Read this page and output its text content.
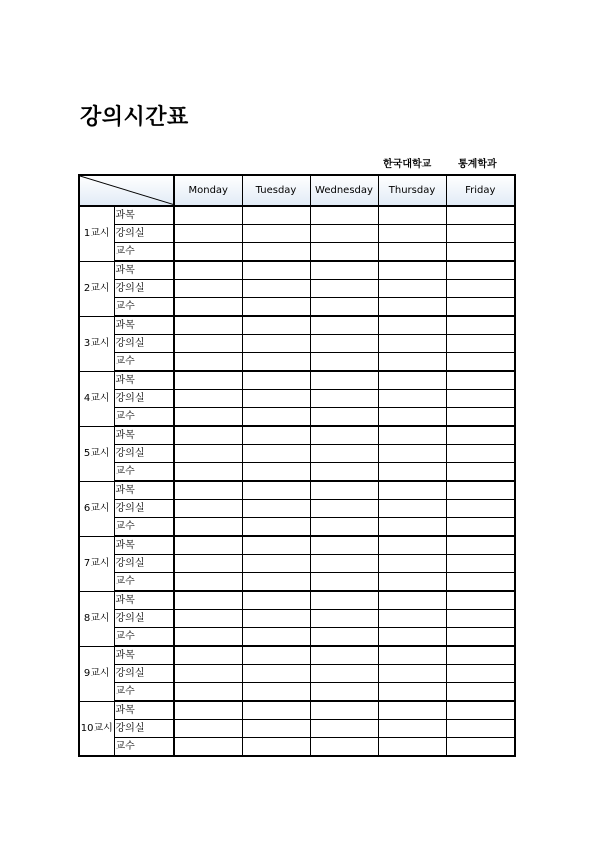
강의시간표
한국대학교	통계학과
	Monday	Tuesday	Wednesday	Thursday	Friday
1교시	과목					
	강의실					
	교수					
2교시	과목					
	강의실					
	교수					
3교시	과목					
	강의실					
	교수					
4교시	과목					
	강의실					
	교수					
5교시	과목					
	강의실					
	교수					
6교시	과목					
	강의실					
	교수					
7교시	과목					
	강의실					
	교수					
8교시	과목					
	강의실					
	교수					
9교시	과목					
	강의실					
	교수					
10교시	과목					
	강의실					
	교수					
